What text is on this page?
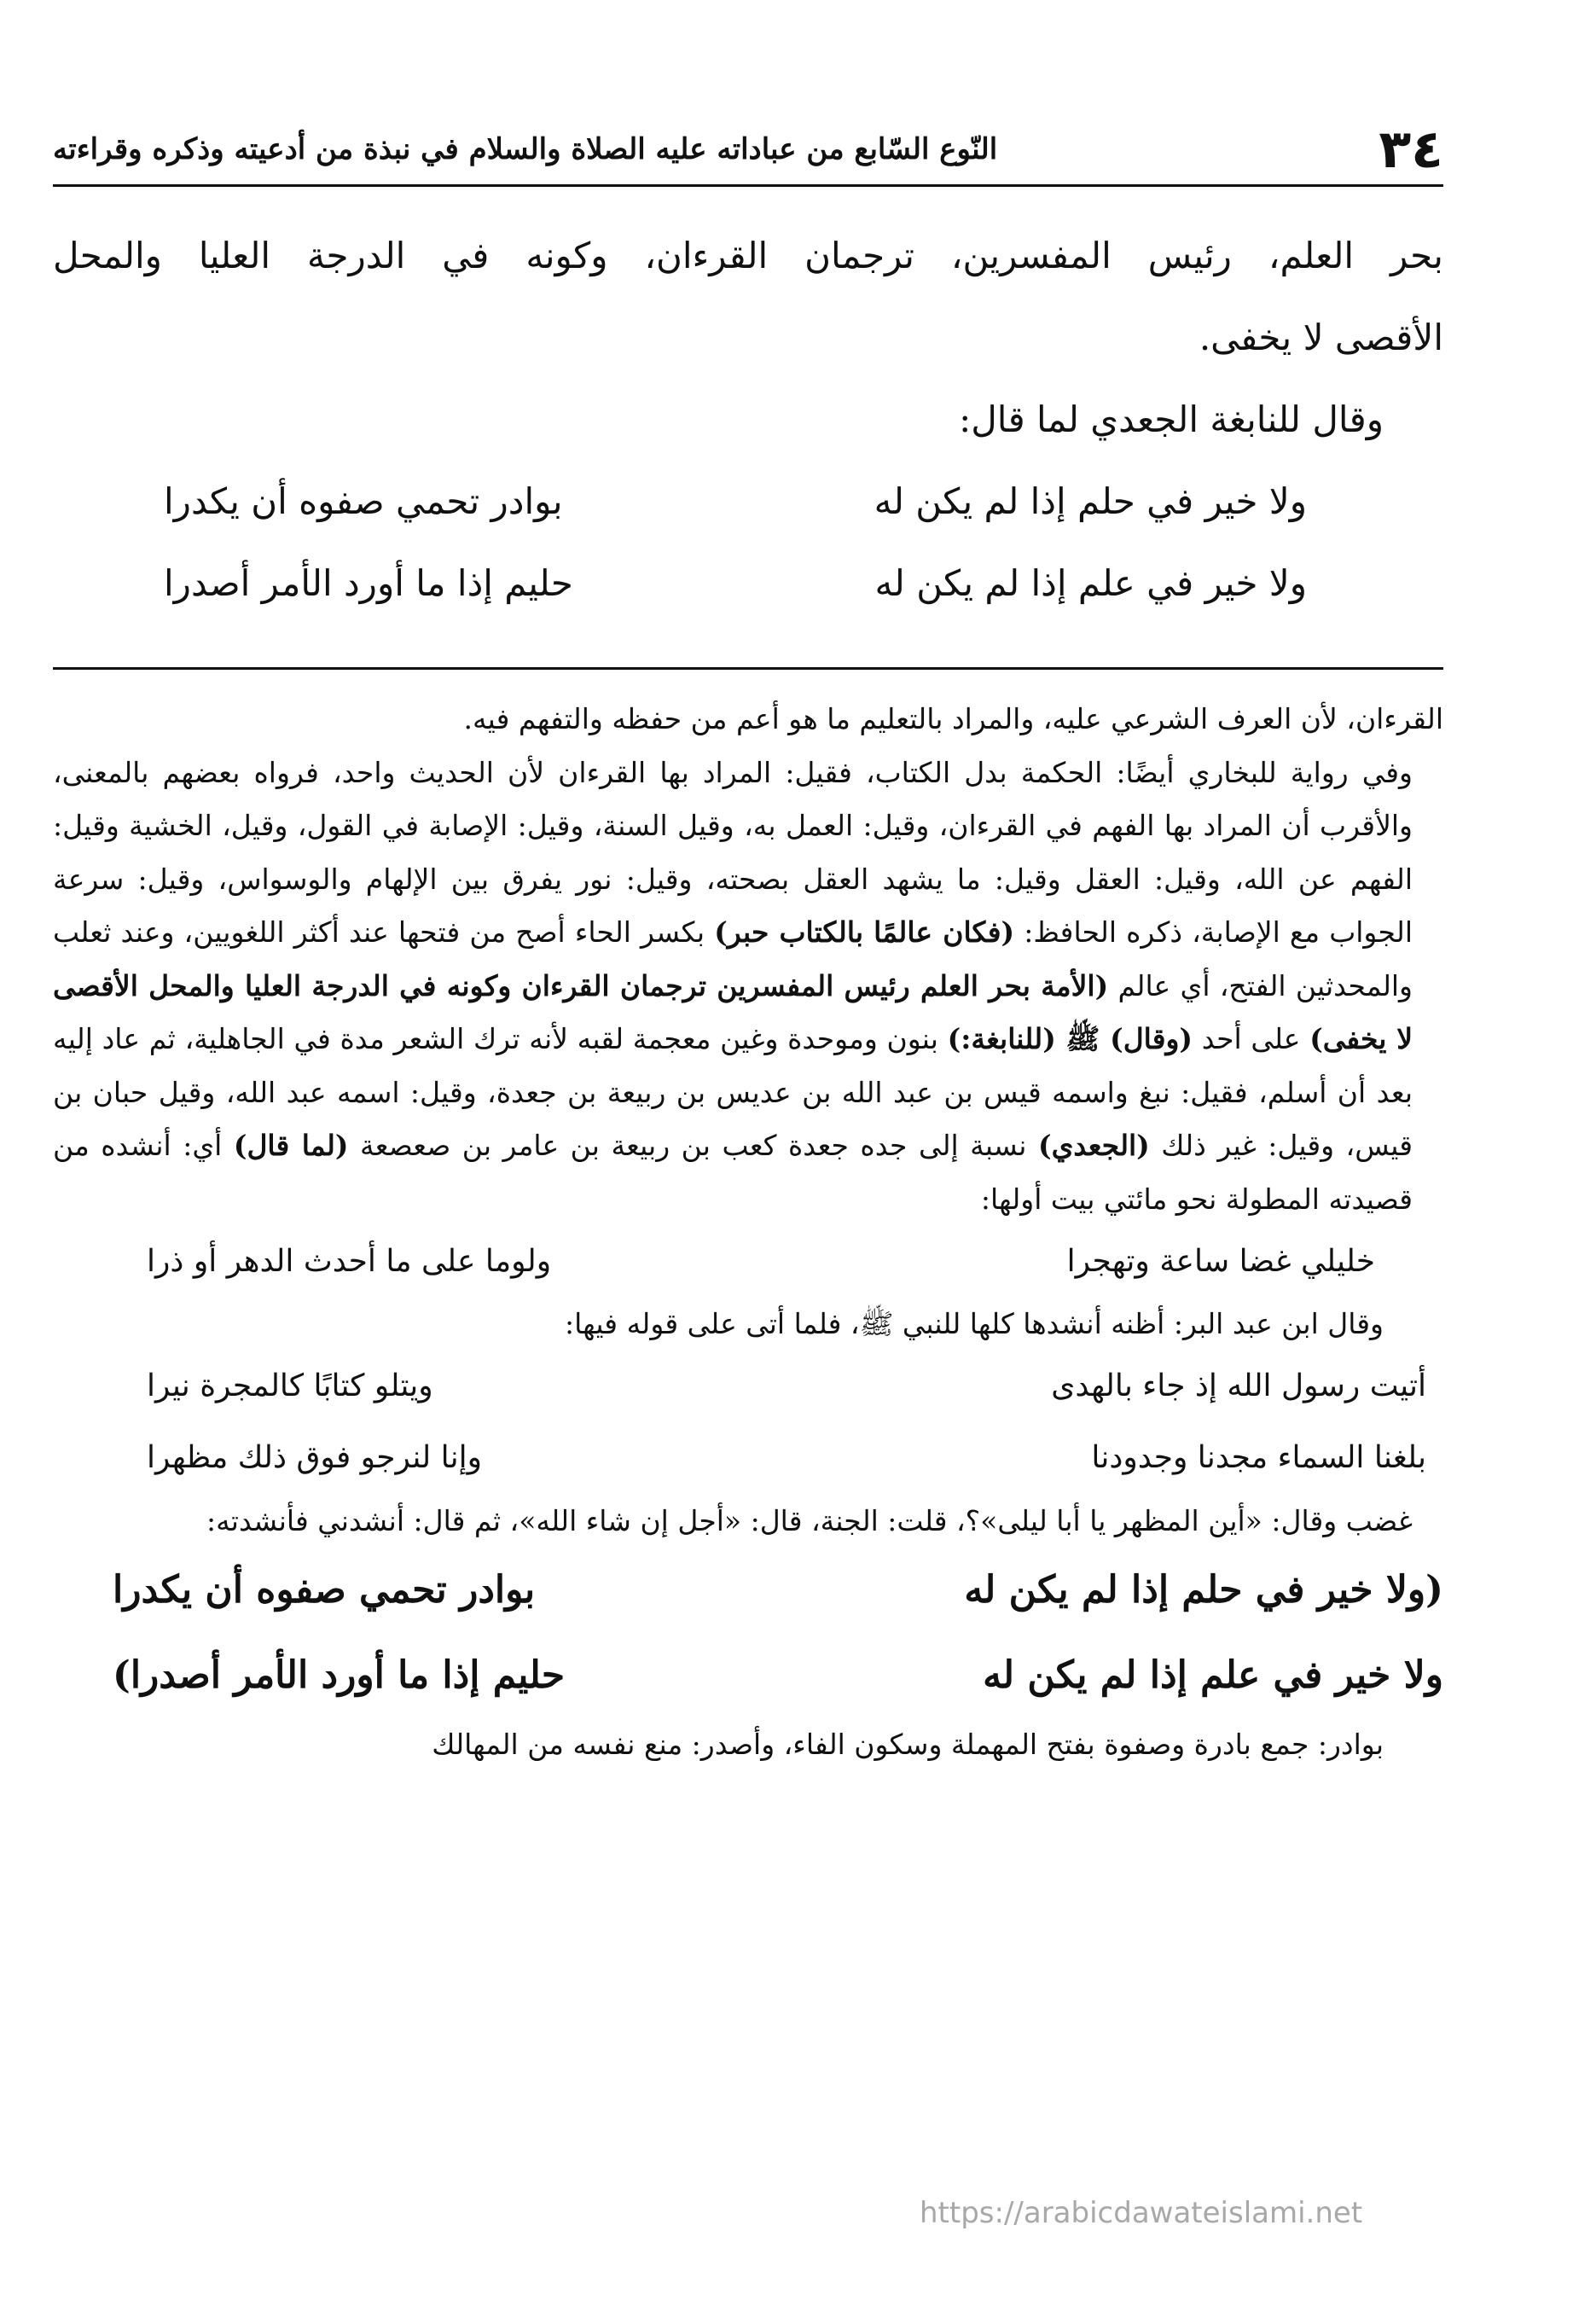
٣٤
النّوع السّابع من عباداته عليه الصلاة والسلام في نبذة من أدعيته وذكره وقراءته

بحر العلم، رئيس المفسرين، ترجمان القرءان، وكونه في الدرجة العليا والمحل

الأقصى لا يخفى.

وقال للنابغة الجعدي لما قال:

ولا خير في حلم إذا لم يكن له
بوادر تحمي صفوه أن يكدرا
ولا خير في علم إذا لم يكن له
حليم إذا ما أورد الأمر أصدرا

القرءان، لأن العرف الشرعي عليه، والمراد بالتعليم ما هو أعم من حفظه والتفهم فيه.

وفي رواية للبخاري أيضًا: الحكمة بدل الكتاب، فقيل: المراد بها القرءان لأن الحديث واحد، فرواه بعضهم بالمعنى، والأقرب أن المراد بها الفهم في القرءان، وقيل: العمل به، وقيل السنة، وقيل: الإصابة في القول، وقيل، الخشية وقيل: الفهم عن الله، وقيل: العقل وقيل: ما يشهد العقل بصحته، وقيل: نور يفرق بين الإلهام والوسواس، وقيل: سرعة الجواب مع الإصابة، ذكره الحافظ: (فكان عالمًا بالكتاب حبر) بكسر الحاء أصح من فتحها عند أكثر اللغويين، وعند ثعلب والمحدثين الفتح، أي عالم (الأمة بحر العلم رئيس المفسرين ترجمان القرءان وكونه في الدرجة العليا والمحل الأقصى لا يخفى) على أحد (وقال) ﷺ (للنابغة:) بنون وموحدة وغين معجمة لقبه لأنه ترك الشعر مدة في الجاهلية، ثم عاد إليه بعد أن أسلم، فقيل: نبغ واسمه قيس بن عبد الله بن عديس بن ربيعة بن جعدة، وقيل: اسمه عبد الله، وقيل حبان بن قيس، وقيل: غير ذلك (الجعدي) نسبة إلى جده جعدة كعب بن ربيعة بن عامر بن صعصعة (لما قال) أي: أنشده من قصيدته المطولة نحو مائتي بيت أولها:

خليلي غضا ساعة وتهجرا
ولوما على ما أحدث الدهر أو ذرا

وقال ابن عبد البر: أظنه أنشدها كلها للنبي ﷺ، فلما أتى على قوله فيها:

أتيت رسول الله إذ جاء بالهدى
ويتلو كتابًا كالمجرة نيرا
بلغنا السماء مجدنا وجدودنا
وإنا لنرجو فوق ذلك مظهرا

غضب وقال: «أين المظهر يا أبا ليلى»؟، قلت: الجنة، قال: «أجل إن شاء الله»، ثم قال: أنشدني فأنشدته:

(ولا خير في حلم إذا لم يكن له
بوادر تحمي صفوه أن يكدرا
ولا خير في علم إذا لم يكن له
حليم إذا ما أورد الأمر أصدرا)

بوادر: جمع بادرة وصفوة بفتح المهملة وسكون الفاء، وأصدر: منع نفسه من المهالك

https://arabicdawateislami.net
